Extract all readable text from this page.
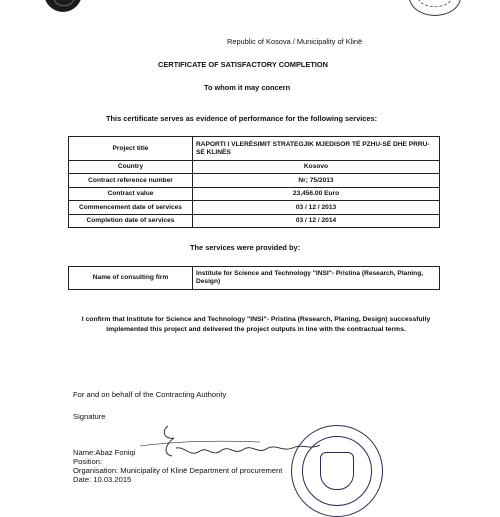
Republic of Kosova / Municipality of Klinë
CERTIFICATE OF SATISFACTORY COMPLETION
To whom it may concern
This certificate serves as evidence of performance for the following services:
Project title	RAPORTI I VLERËSIMIT STRATEGJIK MJEDISOR TË PZHU-SË DHE PRRU-SË KLINËS
Country	Kosovo
Contract reference number	Nr; 75/2013
Contract value	23,456.00 Euro
Commencement date of services	03 / 12 / 2013
Completion date of services	03 / 12 / 2014
The services were provided by:
Name of consulting firm	Institute for Science and Technology "INSI"- Pristina (Research, Planing, Design)
I confirm that Institute for Science and Technology "INSI"- Pristina (Research, Planing, Design) successfully implemented this project and delivered the project outputs in line with the contractual terms.
For and on behalf of the Contracting Authority
Signature
Name:Abaz Foniqi
Position:
Organisation: Municipality of Klinë Department of procurement
Date: 10.03.2015
